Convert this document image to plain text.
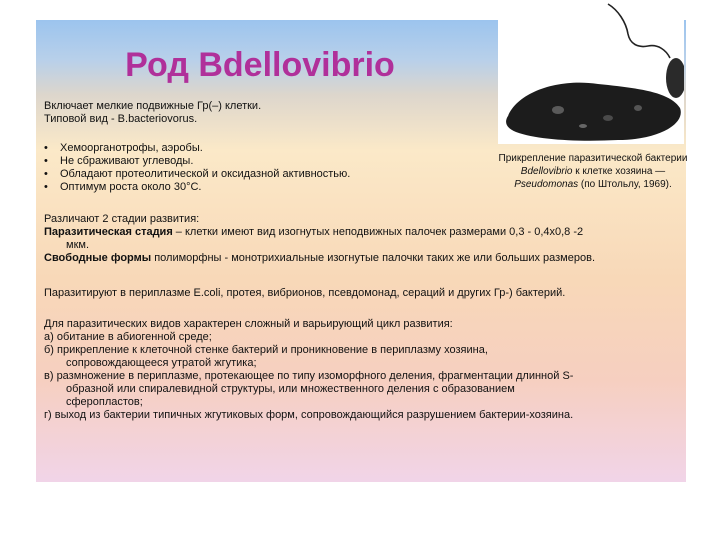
Род Bdellovibrio
Включает мелкие подвижные Гр(–) клетки.
Типовой вид - B.bacteriovorus.
• Хемоорганотрофы, аэробы.
• Не сбраживают углеводы.
• Обладают протеолитической и оксидазной активностью.
• Оптимум роста около 30°С.
Прикрепление паразитической бактерии
Bdellovibrio к клетке хозяина —
Pseudomonas (по Штольлу, 1969).
Различают 2 стадии развития:
Паразитическая стадия – клетки имеют вид изогнутых неподвижных палочек размерами 0,3 - 0,4x0,8 -2
мкм.
Свободные формы полиморфны - монотрихиальные изогнутые палочки таких же или больших размеров.
Паразитируют в периплазме E.coli, протея, вибрионов, псевдомонад, сераций и других Гр-) бактерий.
Для паразитических видов характерен сложный и варьирующий цикл развития:
а) обитание в абиогенной среде;
б) прикрепление к клеточной стенке бактерий и проникновение в периплазму хозяина,
сопровождающееся утратой жгутика;
в) размножение в периплазме, протекающее по типу изоморфного деления, фрагментации длинной S-
образной или спиралевидной структуры, или множественного деления с образованием
сферопластов;
г) выход из бактерии типичных жгутиковых форм, сопровождающийся разрушением бактерии-хозяина.
